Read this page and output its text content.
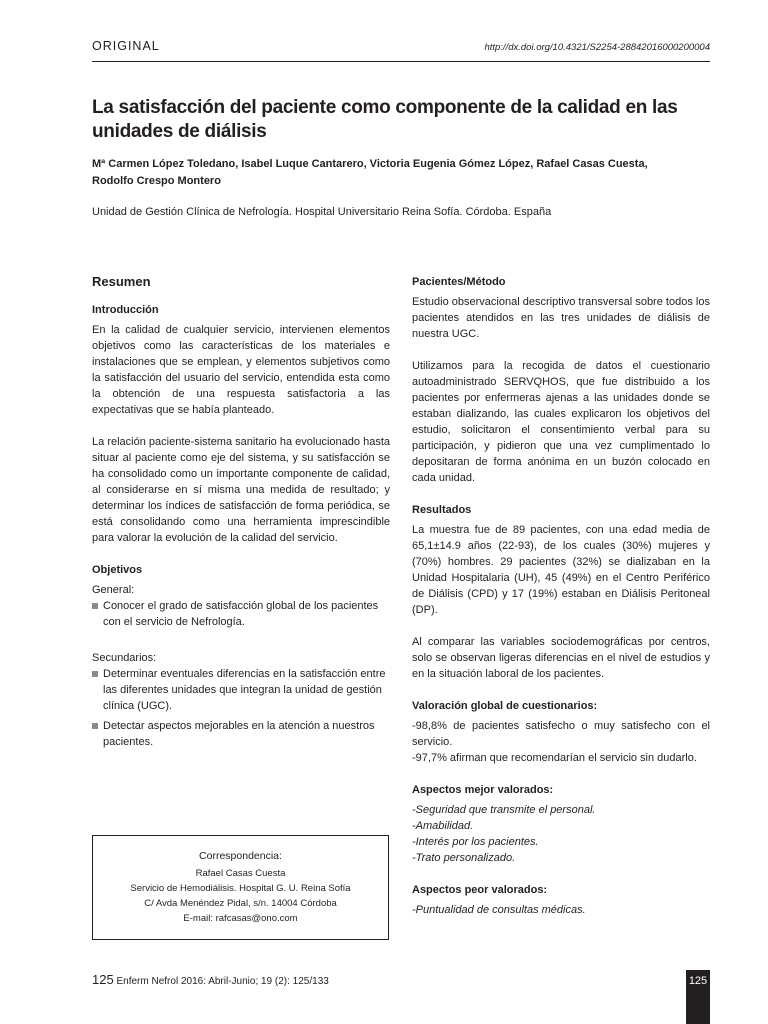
ORIGINAL	http://dx.doi.org/10.4321/S2254-28842016000200004
La satisfacción del paciente como componente de la calidad en las unidades de diálisis
Mª Carmen López Toledano, Isabel Luque Cantarero, Victoria Eugenia Gómez López, Rafael Casas Cuesta,
Rodolfo Crespo Montero

Unidad de Gestión Clínica de Nefrología. Hospital Universitario Reina Sofía. Córdoba. España

Resumen
Introducción

En la calidad de cualquier servicio, intervienen elementos objetivos como las características de los materiales e instalaciones que se emplean, y elementos subjetivos como la satisfacción del usuario del servicio, entendida esta como la obtención de una respuesta satisfactoria a las expectativas que se había planteado.

La relación paciente-sistema sanitario ha evolucionado hasta situar al paciente como eje del sistema, y su satisfacción se ha consolidado como un importante componente de calidad, al considerarse en sí misma una medida de resultado; y determinar los índices de satisfacción de forma periódica, se está consolidando como una herramienta imprescindible para valorar la evolución de la calidad del servicio.

Objetivos

General:

Conocer el grado de satisfacción global de los pacientes con el servicio de Nefrología.

Secundarios:

Determinar eventuales diferencias en la satisfacción entre las diferentes unidades que integran la unidad de gestión clínica (UGC).
Detectar aspectos mejorables en la atención a nuestros pacientes.
Correspondencia:
Rafael Casas Cuesta
Servicio de Hemodiálisis. Hospital G. U. Reina Sofía
C/ Avda Menéndez Pidal, s/n. 14004 Córdoba
E-mail: rafcasas@ono.com
Pacientes/Método

Estudio observacional descriptivo transversal sobre todos los pacientes atendidos en las tres unidades de diálisis de nuestra UGC.

Utilizamos para la recogida de datos el cuestionario autoadministrado SERVQHOS, que fue distribuido a los pacientes por enfermeras ajenas a las unidades donde se estaban dializando, las cuales explicaron los objetivos del estudio, solicitaron el consentimiento verbal para su participación, y pidieron que una vez cumplimentado lo depositaran de forma anónima en un buzón colocado en cada unidad.

Resultados

La muestra fue de 89 pacientes, con una edad media de 65,1±14.9 años (22-93), de los cuales (30%) mujeres y (70%) hombres. 29 pacientes (32%) se dializaban en la Unidad Hospitalaria (UH), 45 (49%) en el Centro Periférico de Diálisis (CPD) y 17 (19%) estaban en Diálisis Peritoneal (DP).

Al comparar las variables sociodemográficas por centros, solo se observan ligeras diferencias en el nivel de estudios y en la situación laboral de los pacientes.

Valoración global de cuestionarios:

-98,8% de pacientes satisfecho o muy satisfecho con el servicio.

-97,7% afirman que recomendarían el servicio sin dudarlo.

Aspectos mejor valorados:

-Seguridad que transmite el personal.

-Amabilidad.

-Interés por los pacientes.

-Trato personalizado.

Aspectos peor valorados:

-Puntualidad de consultas médicas.

125 Enferm Nefrol 2016: Abril-Junio; 19 (2): 125/133	125
